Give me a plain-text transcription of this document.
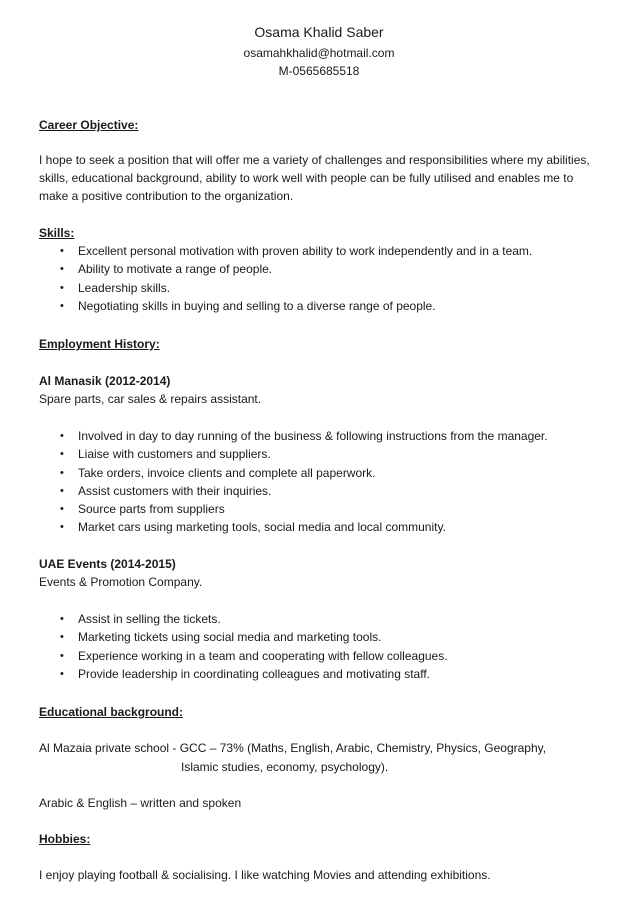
Osama Khalid Saber
osamahkhalid@hotmail.com
M-0565685518
Career Objective:

I hope to seek a position that will offer me a variety of challenges and responsibilities where my abilities,

skills, educational background, ability to work well with people can be fully utilised and enables me to

make a positive contribution to the organization.

Skills:
• Excellent personal motivation with proven ability to work independently and in a team.
• Ability to motivate a range of people.
• Leadership skills.
• Negotiating skills in buying and selling to a diverse range of people.
Employment History:
Al Manasik (2012-2014)
Spare parts, car sales & repairs assistant.
• Involved in day to day running of the business & following instructions from the manager.
• Liaise with customers and suppliers.
• Take orders, invoice clients and complete all paperwork.
• Assist customers with their inquiries.
• Source parts from suppliers
• Market cars using marketing tools, social media and local community.
UAE Events (2014-2015)
Events & Promotion Company.
• Assist in selling the tickets.
• Marketing tickets using social media and marketing tools.
• Experience working in a team and cooperating with fellow colleagues.
• Provide leadership in coordinating colleagues and motivating staff.
Educational background:
Al Mazaia private school - GCC – 73% (Maths, English, Arabic, Chemistry, Physics, Geography,
Islamic studies, economy, psychology).
Arabic & English – written and spoken
Hobbies:
I enjoy playing football & socialising. I like watching Movies and attending exhibitions.
